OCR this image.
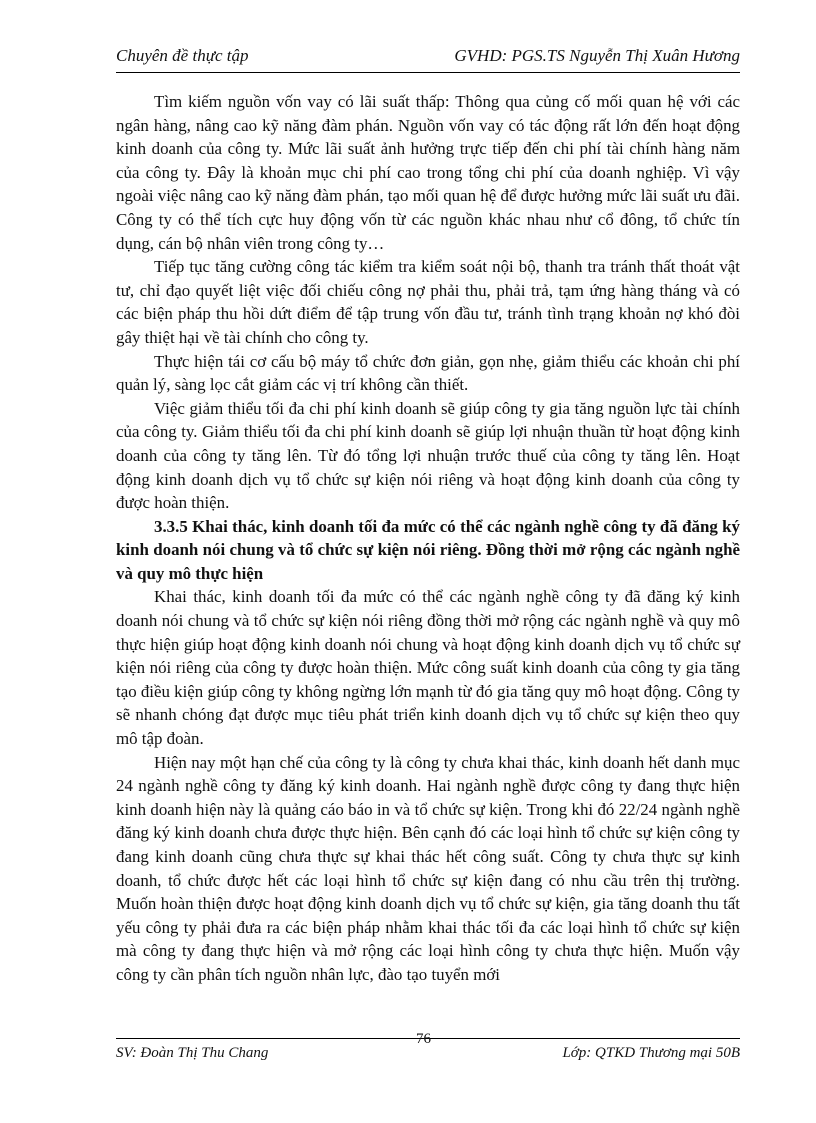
Chuyên đề thực tập	GVHD: PGS.TS Nguyễn Thị Xuân Hương

Tìm kiếm nguồn vốn vay có lãi suất thấp: Thông qua củng cố mối quan hệ với các ngân hàng, nâng cao kỹ năng đàm phán. Nguồn vốn vay có tác động rất lớn đến hoạt động kinh doanh của công ty. Mức lãi suất ảnh hưởng trực tiếp đến chi phí tài chính hàng năm của công ty. Đây là khoản mục chi phí cao trong tổng chi phí của doanh nghiệp. Vì vậy ngoài việc nâng cao kỹ năng đàm phán, tạo mối quan hệ để được hưởng mức lãi suất ưu đãi. Công ty có thể tích cực huy động vốn từ các nguồn khác nhau như cổ đông, tổ chức tín dụng, cán bộ nhân viên trong công ty…

Tiếp tục tăng cường công tác kiểm tra kiểm soát nội bộ, thanh tra tránh thất thoát vật tư, chỉ đạo quyết liệt việc đối chiếu công nợ phải thu, phải trả, tạm ứng hàng tháng và có các biện pháp thu hồi dứt điểm để tập trung vốn đầu tư, tránh tình trạng khoản nợ khó đòi gây thiệt hại về tài chính cho công ty.

Thực hiện tái cơ cấu bộ máy tổ chức đơn giản, gọn nhẹ, giảm thiểu các khoản chi phí quản lý, sàng lọc cắt giảm các vị trí không cần thiết.

Việc giảm thiểu tối đa chi phí kinh doanh sẽ giúp công ty gia tăng nguồn lực tài chính của công ty. Giảm thiểu tối đa chi phí kinh doanh sẽ giúp lợi nhuận thuần từ hoạt động kinh doanh của công ty tăng lên. Từ đó tổng lợi nhuận trước thuế của công ty tăng lên. Hoạt động kinh doanh dịch vụ tổ chức sự kiện nói riêng và hoạt động kinh doanh của công ty được hoàn thiện.

3.3.5 Khai thác, kinh doanh tối đa mức có thể các ngành nghề công ty đã đăng ký kinh doanh nói chung và tổ chức sự kiện nói riêng. Đồng thời mở rộng các ngành nghề và quy mô thực hiện

Khai thác, kinh doanh tối đa mức có thể các ngành nghề công ty đã đăng ký kinh doanh nói chung và tổ chức sự kiện nói riêng đồng thời mở rộng các ngành nghề và quy mô thực hiện giúp hoạt động kinh doanh nói chung và hoạt động kinh doanh dịch vụ tổ chức sự kiện nói riêng của công ty được hoàn thiện. Mức công suất kinh doanh của công ty gia tăng tạo điều kiện giúp công ty không ngừng lớn mạnh từ đó gia tăng quy mô hoạt động. Công ty sẽ nhanh chóng đạt được mục tiêu phát triển kinh doanh dịch vụ tổ chức sự kiện theo quy mô tập đoàn.

Hiện nay một hạn chế của công ty là công ty chưa khai thác, kinh doanh hết danh mục 24 ngành nghề công ty đăng ký kinh doanh. Hai ngành nghề được công ty đang thực hiện kinh doanh hiện này là quảng cáo báo in và tổ chức sự kiện. Trong khi đó 22/24 ngành nghề đăng ký kinh doanh chưa được thực hiện. Bên cạnh đó các loại hình tổ chức sự kiện công ty đang kinh doanh cũng chưa thực sự khai thác hết công suất. Công ty chưa thực sự kinh doanh, tổ chức được hết các loại hình tổ chức sự kiện đang có nhu cầu trên thị trường. Muốn hoàn thiện được hoạt động kinh doanh dịch vụ tổ chức sự kiện, gia tăng doanh thu tất yếu công ty phải đưa ra các biện pháp nhằm khai thác tối đa các loại hình tổ chức sự kiện mà công ty đang thực hiện và mở rộng các loại hình công ty chưa thực hiện. Muốn vậy công ty cần phân tích nguồn nhân lực, đào tạo tuyển mới

SV: Đoàn Thị Thu Chang
76
Lớp: QTKD Thương mại 50B
